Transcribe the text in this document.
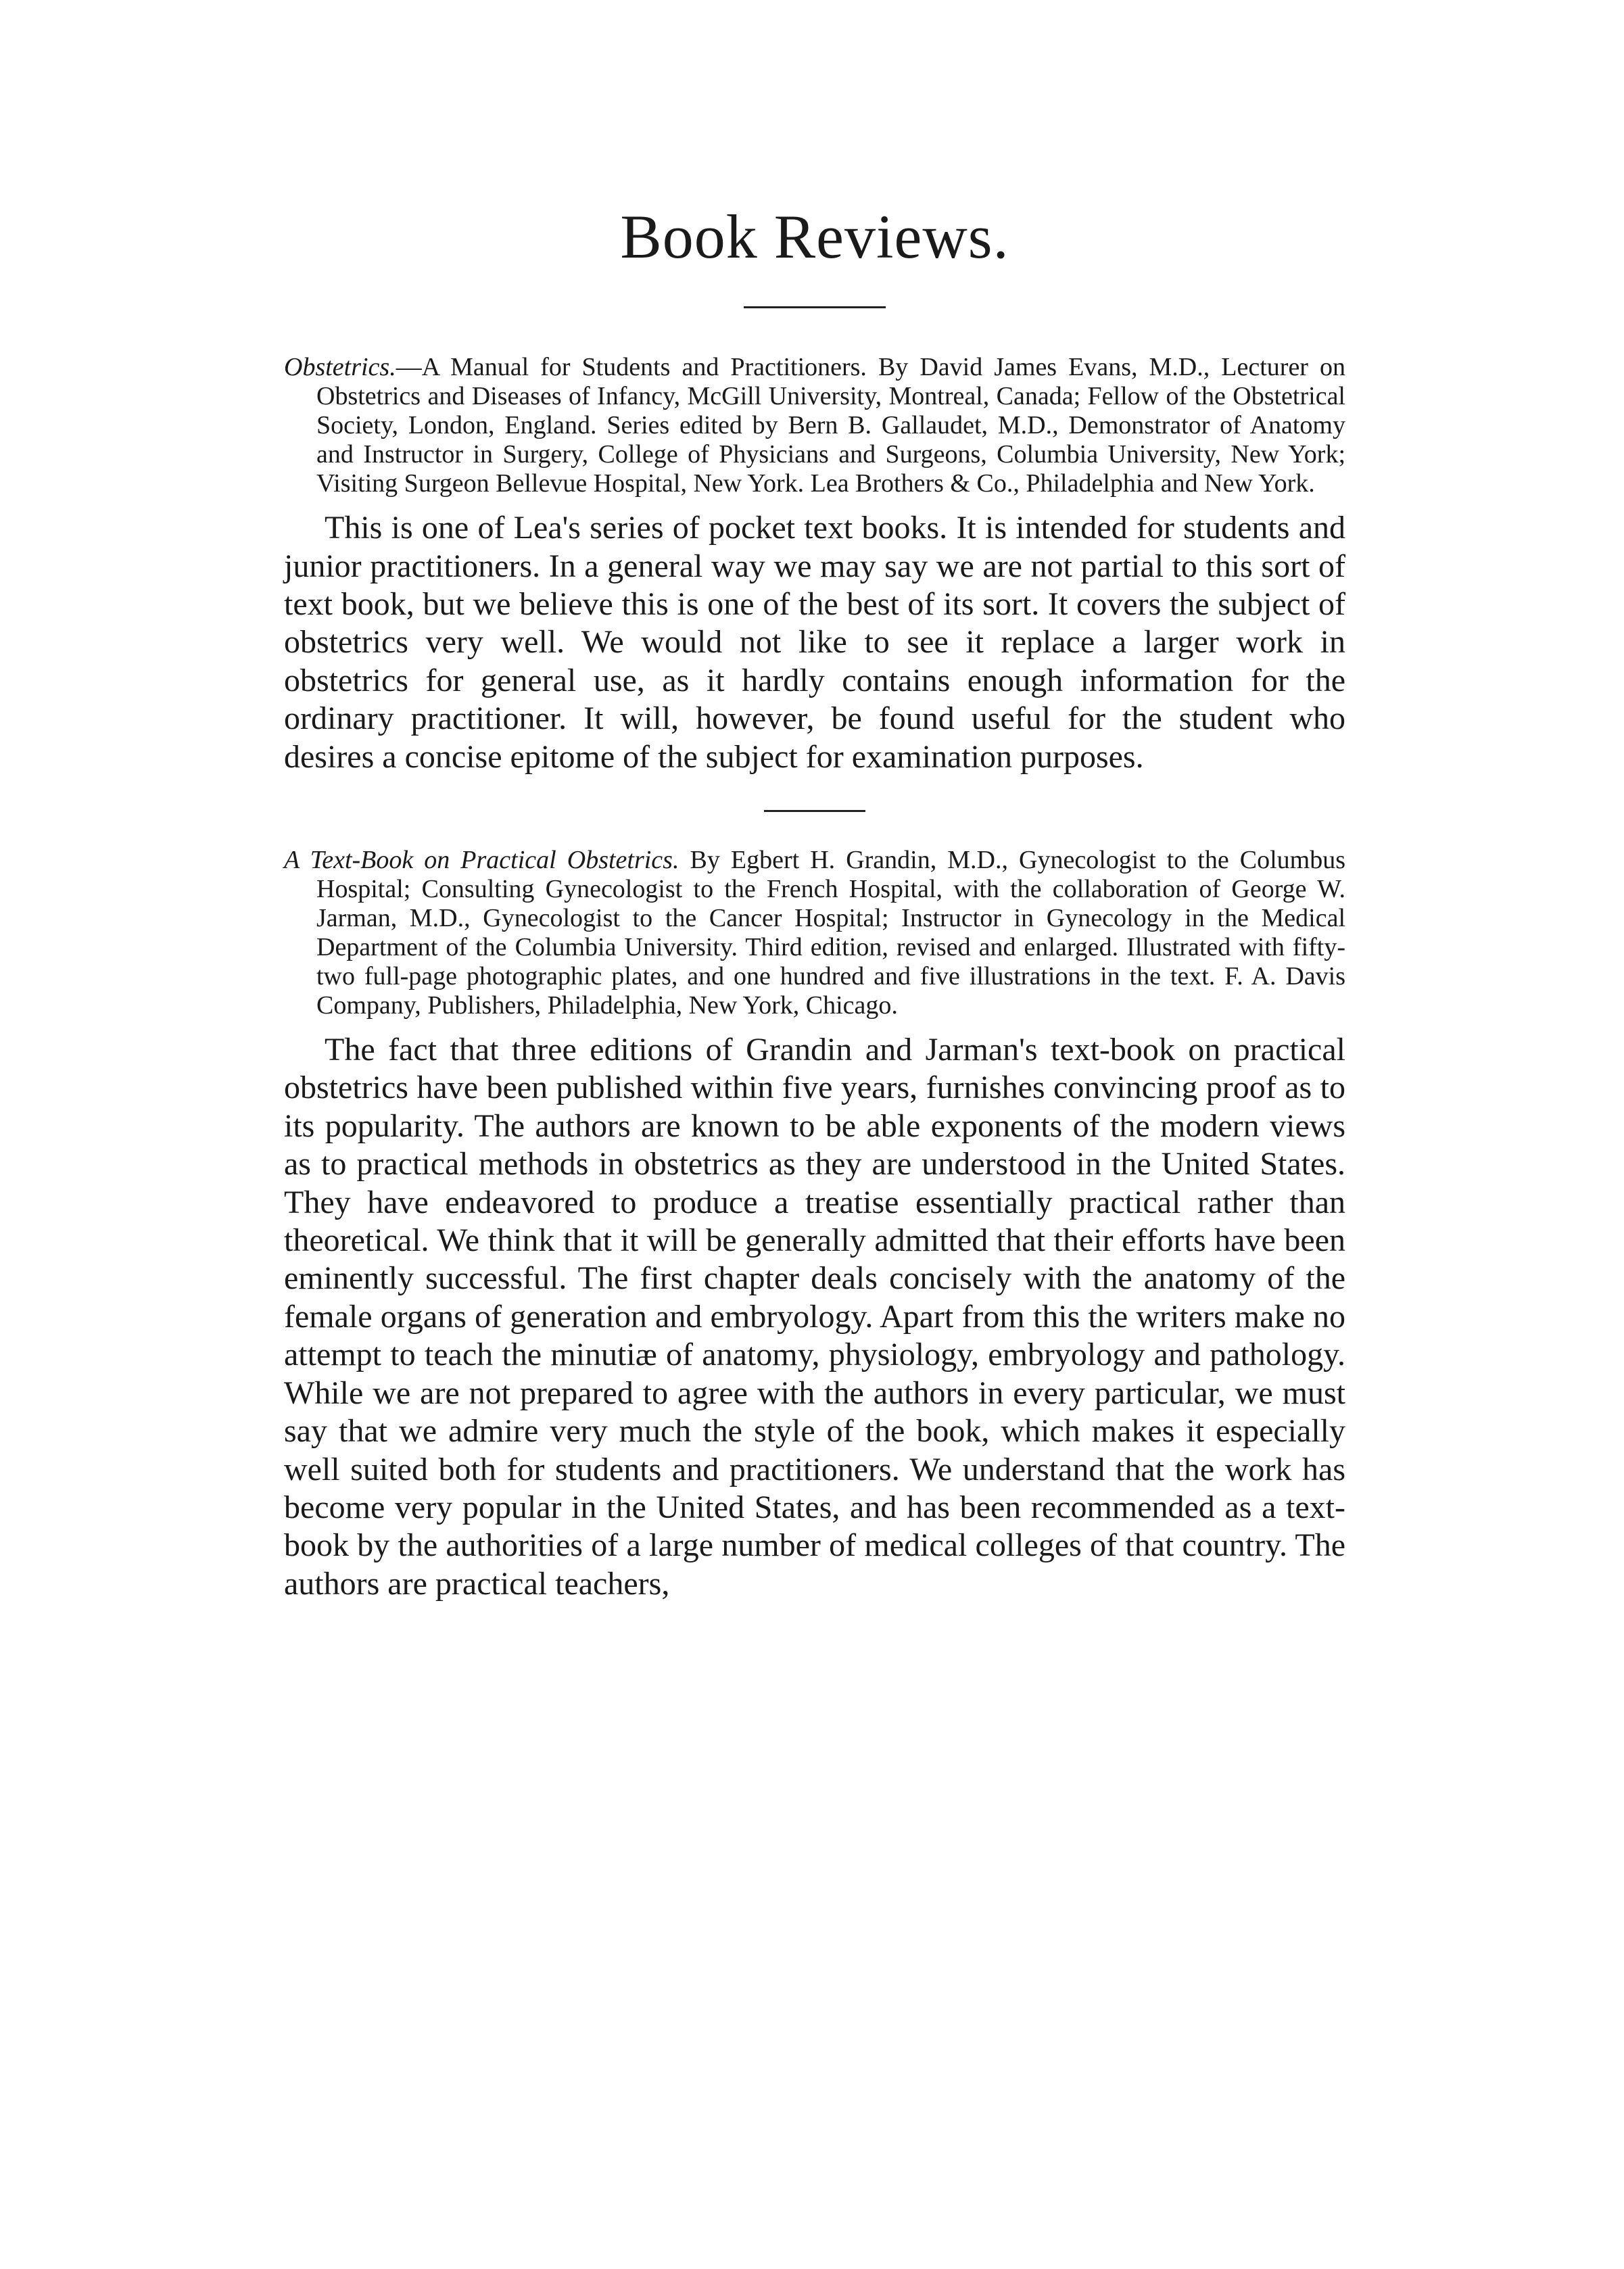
Book Reviews.

Obstetrics.—A Manual for Students and Practitioners. By David James Evans, M.D., Lecturer on Obstetrics and Diseases of Infancy, McGill University, Montreal, Canada; Fellow of the Obstetrical Society, London, England. Series edited by Bern B. Gallaudet, M.D., Demonstrator of Anatomy and Instructor in Surgery, College of Physicians and Surgeons, Columbia University, New York; Visiting Surgeon Bellevue Hospital, New York. Lea Brothers & Co., Philadelphia and New York.

This is one of Lea's series of pocket text books. It is intended for students and junior practitioners. In a general way we may say we are not partial to this sort of text book, but we believe this is one of the best of its sort. It covers the subject of obstetrics very well. We would not like to see it replace a larger work in obstetrics for general use, as it hardly contains enough information for the ordinary practitioner. It will, however, be found useful for the student who desires a concise epitome of the subject for examination purposes.

A Text-Book on Practical Obstetrics. By Egbert H. Grandin, M.D., Gynecologist to the Columbus Hospital; Consulting Gynecologist to the French Hospital, with the collaboration of George W. Jarman, M.D., Gynecologist to the Cancer Hospital; Instructor in Gynecology in the Medical Department of the Columbia University. Third edition, revised and enlarged. Illustrated with fifty-two full-page photographic plates, and one hundred and five illustrations in the text. F. A. Davis Company, Publishers, Philadelphia, New York, Chicago.

The fact that three editions of Grandin and Jarman's text-book on practical obstetrics have been published within five years, furnishes convincing proof as to its popularity. The authors are known to be able exponents of the modern views as to practical methods in obstetrics as they are understood in the United States. They have endeavored to produce a treatise essentially practical rather than theoretical. We think that it will be generally admitted that their efforts have been eminently successful. The first chapter deals concisely with the anatomy of the female organs of generation and embryology. Apart from this the writers make no attempt to teach the minutiæ of anatomy, physiology, embryology and pathology. While we are not prepared to agree with the authors in every particular, we must say that we admire very much the style of the book, which makes it especially well suited both for students and practitioners. We understand that the work has become very popular in the United States, and has been recommended as a text-book by the authorities of a large number of medical colleges of that country. The authors are practical teachers,
